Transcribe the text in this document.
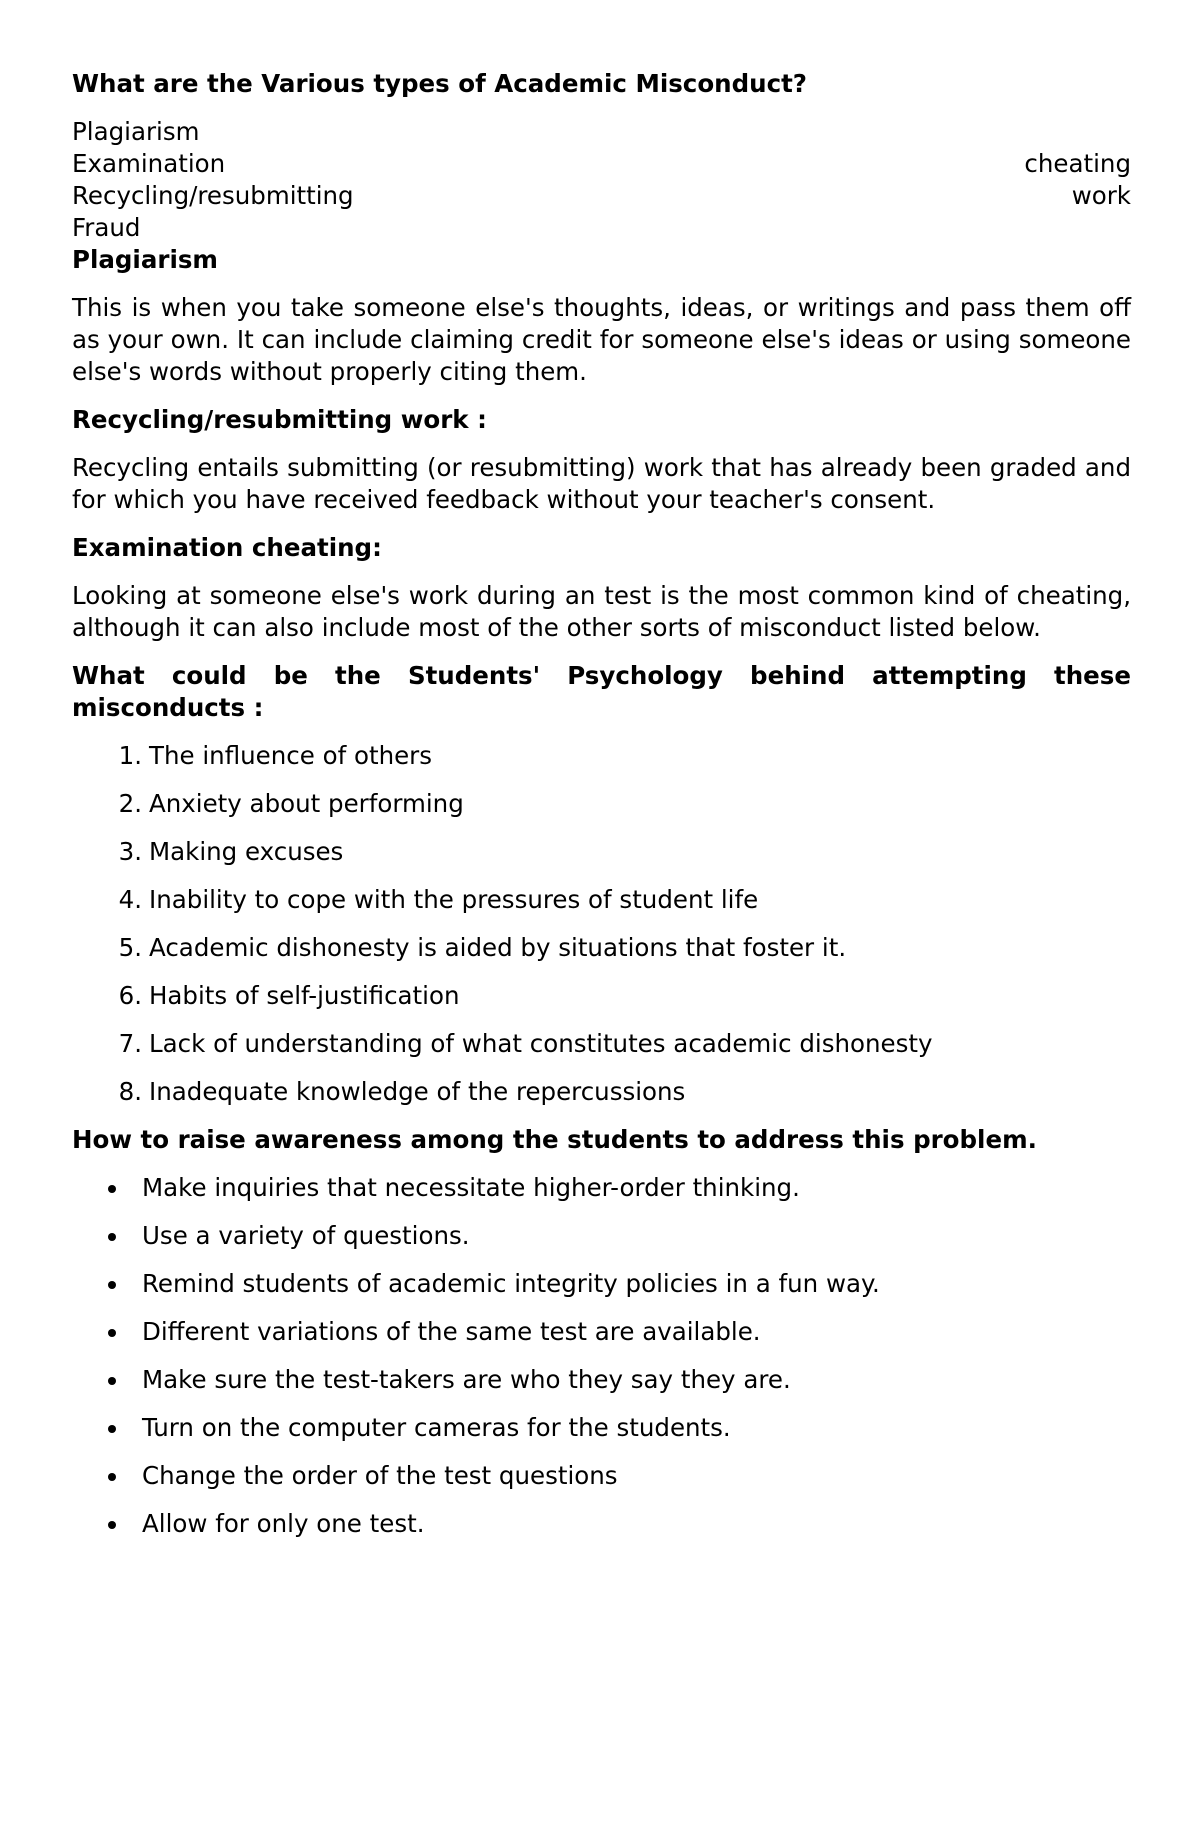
What are the Various types of Academic Misconduct?

Plagiarism
Examination	cheating
Recycling/resubmitting	work
Fraud

Plagiarism

This is when you take someone else's thoughts, ideas, or writings and pass them off as your own. It can include claiming credit for someone else's ideas or using someone else's words without properly citing them.

Recycling/resubmitting work :

Recycling entails submitting (or resubmitting) work that has already been graded and for which you have received feedback without your teacher's consent.

Examination cheating:

Looking at someone else's work during an test is the most common kind of cheating, although it can also include most of the other sorts of misconduct listed below.

What could be the Students' Psychology behind attempting these
misconducts :
1. The influence of others
2. Anxiety about performing
3. Making excuses
4. Inability to cope with the pressures of student life
5. Academic dishonesty is aided by situations that foster it.
6. Habits of self-justification
7. Lack of understanding of what constitutes academic dishonesty
8. Inadequate knowledge of the repercussions

How to raise awareness among the students to address this problem.

Make inquiries that necessitate higher-order thinking.
Use a variety of questions.
Remind students of academic integrity policies in a fun way.
Different variations of the same test are available.
Make sure the test-takers are who they say they are.
Turn on the computer cameras for the students.
Change the order of the test questions
Allow for only one test.
